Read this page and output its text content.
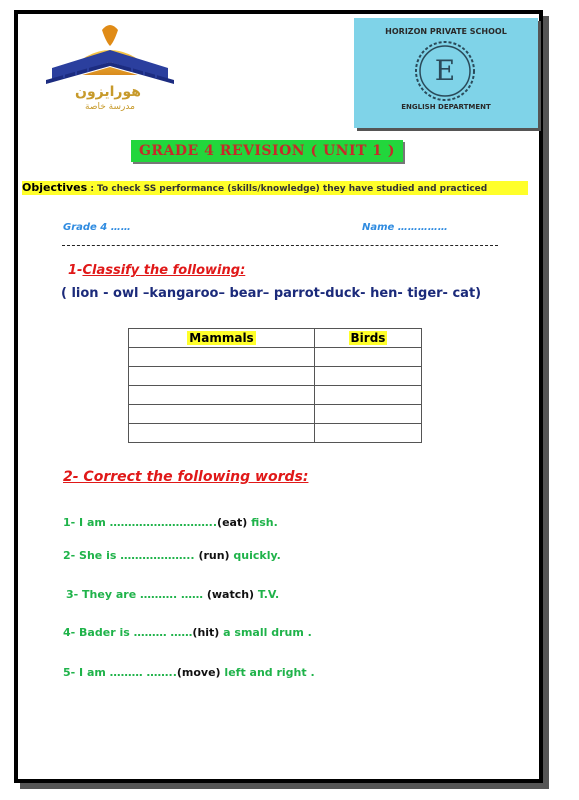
هورايزون
مدرسة خاصة
HORIZON PRIVATE SCHOOL
E
ENGLISH DEPARTMENT
GRADE 4 REVISION ( UNIT 1 )
Objectives : To check SS performance (skills/knowledge) they have studied and practiced
Grade 4 ……	Name ……………
1-Classify the following:
( lion - owl –kangaroo– bear– parrot-duck- hen- tiger- cat)
Mammals	Birds

2- Correct the following words:
1- I am ………………………..(eat) fish.
2- She is ……………….. (run) quickly.
3- They are ………. …… (watch) T.V.
4- Bader is ……… ……(hit) a small drum .
5- I am ……… ……..(move) left and right .
